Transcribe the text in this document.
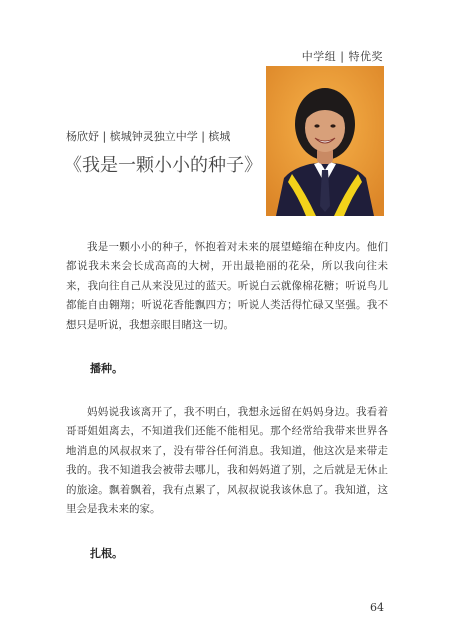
中学组 | 特优奖
杨欣妤 | 槟城钟灵独立中学 | 槟城
《我是一颗小小的种子》

我是一颗小小的种子，怀抱着对未来的展望蜷缩在种皮内。他们都说我未来会长成高高的大树，开出最艳丽的花朵，所以我向往未来，我向往自己从来没见过的蓝天。听说白云就像棉花糖；听说鸟儿都能自由翱翔；听说花香能飘四方；听说人类活得忙碌又坚强。我不想只是听说，我想亲眼目睹这一切。

播种。

妈妈说我该离开了，我不明白，我想永远留在妈妈身边。我看着哥哥姐姐离去，不知道我们还能不能相见。那个经常给我带来世界各地消息的风叔叔来了，没有带谷任何消息。我知道，他这次是来带走我的。我不知道我会被带去哪儿，我和妈妈道了别，之后就是无休止的旅途。飘着飘着，我有点累了，风叔叔说我该休息了。我知道，这里会是我未来的家。

扎根。
64
